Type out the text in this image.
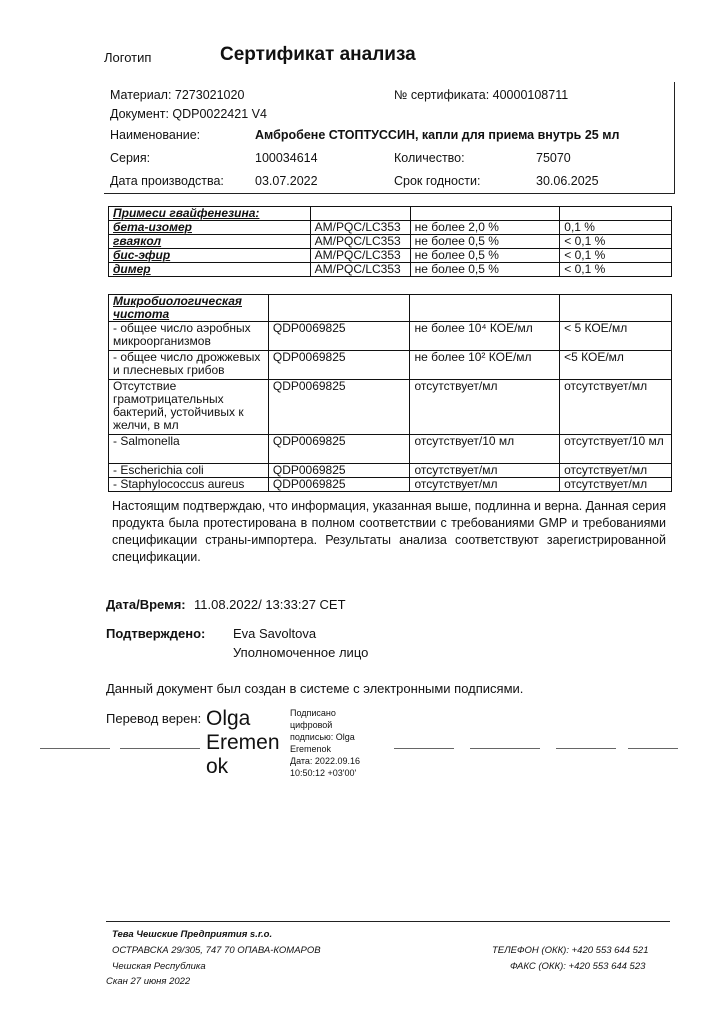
Логотип	Сертификат анализа
Материал: 7273021020	№ сертификата: 40000108711
Документ: QDP0022421 V4
Наименование:	Амбробене СТОПТУССИН, капли для приема внутрь 25 мл
Серия:	100034614	Количество:	75070
Дата производства: 03.07.2022	Срок годности:	30.06.2025
Примеси гвайфенезина:			
бета-изомер	AM/PQC/LC353	не более 2,0 %	0,1 %
гваякол	AM/PQC/LC353	не более 0,5 %	< 0,1 %
бис-эфир	AM/PQC/LC353	не более 0,5 %	< 0,1 %
димер	AM/PQC/LC353	не более 0,5 %	< 0,1 %
Микробиологическая чистота			
- общее число аэробных микроорганизмов	QDP0069825	не более 10⁴ КОЕ/мл	< 5 КОЕ/мл
- общее число дрожжевых и плесневых грибов	QDP0069825	не более 10² КОЕ/мл	<5 КОЕ/мл
Отсутствие грамотрицательных бактерий, устойчивых к желчи, в мл	QDP0069825	отсутствует/мл	отсутствует/мл
- Salmonella	QDP0069825	отсутствует/10 мл	отсутствует/10 мл
- Escherichia coli	QDP0069825	отсутствует/мл	отсутствует/мл
- Staphylococcus aureus	QDP0069825	отсутствует/мл	отсутствует/мл
Настоящим подтверждаю, что информация, указанная выше, подлинна и верна. Данная серия продукта была протестирована в полном соответствии с требованиями GMP и требованиями спецификации страны-импортера. Результаты анализа соответствуют зарегистрированной спецификации.
Дата/Время: 11.08.2022/ 13:33:27 CET
Подтверждено: Eva Savoltova
Уполномоченное лицо
Данный документ был создан в системе с электронными подписями.
Перевод верен: Olga
Eremen
ok
Подписано
цифровой
подписью: Olga
Eremenok
Дата: 2022.09.16
10:50:12 +03'00'
Тева Чешские Предприятия s.r.o.
ОСТРАВСКА 29/305, 747 70 ОПАВА-КОМАРОВ
Чешская Республика
Скан 27 июня 2022
ТЕЛЕФОН (ОКК): +420 553 644 521
ФАКС (ОКК): +420 553 644 523
